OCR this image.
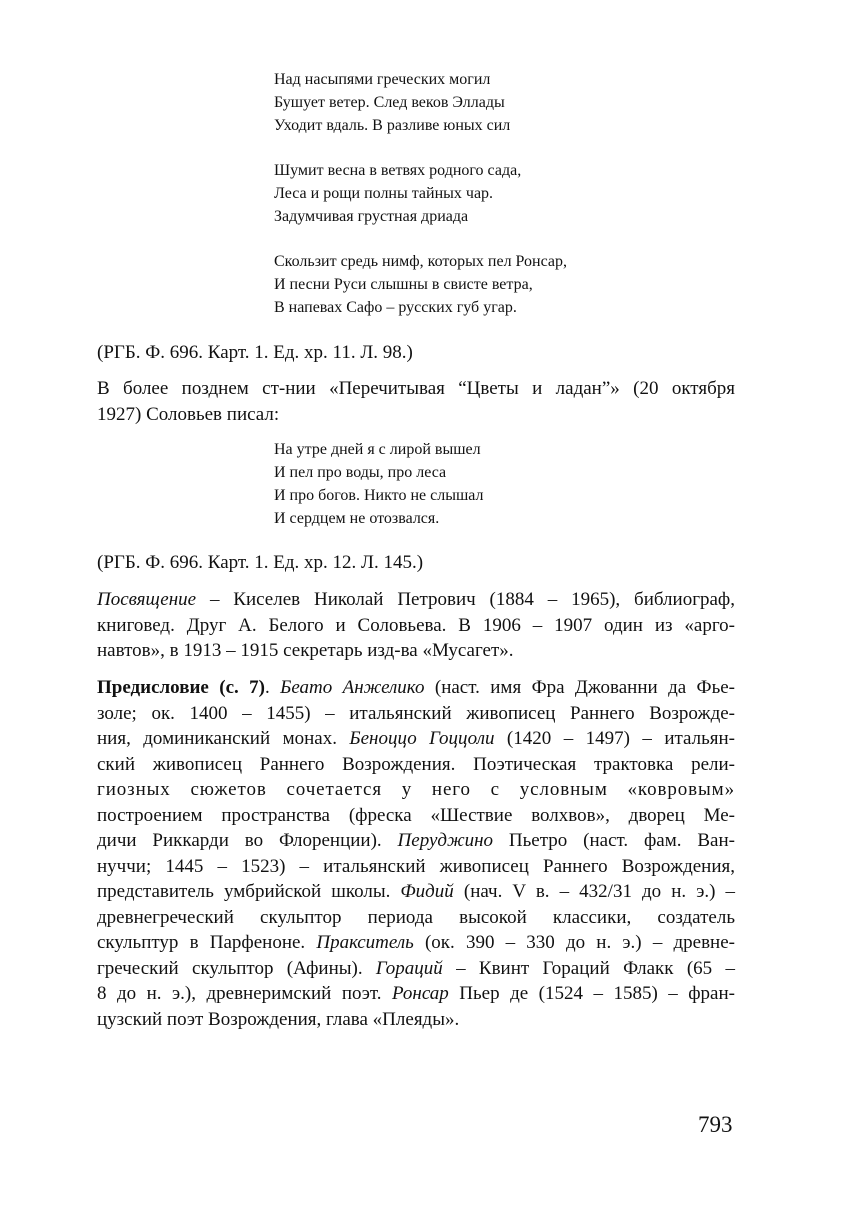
Над насыпями греческих могил
Бушует ветер. След веков Эллады
Уходит вдаль. В разливе юных сил
Шумит весна в ветвях родного сада,
Леса и рощи полны тайных чар.
Задумчивая грустная дриада
Скользит средь нимф, которых пел Ронсар,
И песни Руси слышны в свисте ветра,
В напевах Сафо – русских губ угар.
(РГБ. Ф. 696. Карт. 1. Ед. хр. 11. Л. 98.)
В более позднем ст-нии «Перечитывая “Цветы и ладан”» (20 октября
1927) Соловьев писал:
На утре дней я с лирой вышел
И пел про воды, про леса
И про богов. Никто не слышал
И сердцем не отозвался.
(РГБ. Ф. 696. Карт. 1. Ед. хр. 12. Л. 145.)
Посвящение – Киселев Николай Петрович (1884 – 1965), библиограф,
книговед. Друг А. Белого и Соловьева. В 1906 – 1907 один из «арго-
навтов», в 1913 – 1915 секретарь изд-ва «Мусагет».
Предисловие (с. 7). Беато Анжелико (наст. имя Фра Джованни да Фье-
золе; ок. 1400 – 1455) – итальянский живописец Раннего Возрожде-
ния, доминиканский монах. Беноццо Гоццоли (1420 – 1497) – итальян-
ский живописец Раннего Возрождения. Поэтическая трактовка рели-
гиозных сюжетов сочетается у него с условным «ковровым»
построением пространства (фреска «Шествие волхвов», дворец Ме-
дичи Риккарди во Флоренции). Перуджино Пьетро (наст. фам. Ван-
нуччи; 1445 – 1523) – итальянский живописец Раннего Возрождения,
представитель умбрийской школы. Фидий (нач. V в. – 432/31 до н. э.) –
древнегреческий скульптор периода высокой классики, создатель
скульптур в Парфеноне. Пракситель (ок. 390 – 330 до н. э.) – древне-
греческий скульптор (Афины). Гораций – Квинт Гораций Флакк (65 –
8 до н. э.), древнеримский поэт. Ронсар Пьер де (1524 – 1585) – фран-
цузский поэт Возрождения, глава «Плеяды».
793
